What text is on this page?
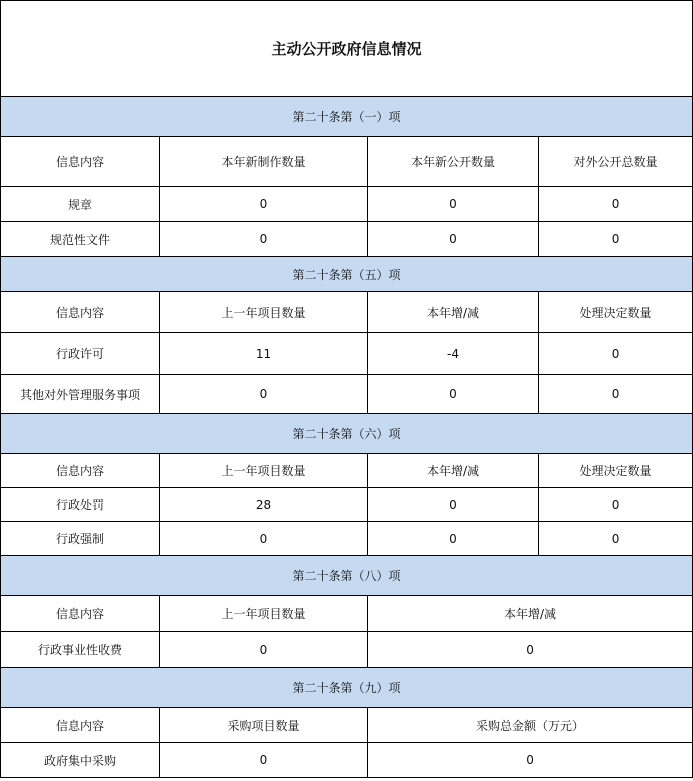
主动公开政府信息情况			
第二十条第（一）项			
信息内容	本年新制作数量	本年新公开数量	对外公开总数量
规章	0	0	0
规范性文件	0	0	0
第二十条第（五）项			
信息内容	上一年项目数量	本年增/减	处理决定数量
行政许可	11	-4	0
其他对外管理服务事项	0	0	0
第二十条第（六）项			
信息内容	上一年项目数量	本年增/减	处理决定数量
行政处罚	28	0	0
行政强制	0	0	0
第二十条第（八）项			
信息内容	上一年项目数量	本年增/减	
行政事业性收费	0	0	
第二十条第（九）项			
信息内容	采购项目数量	采购总金额（万元）	
政府集中采购	0	0	
